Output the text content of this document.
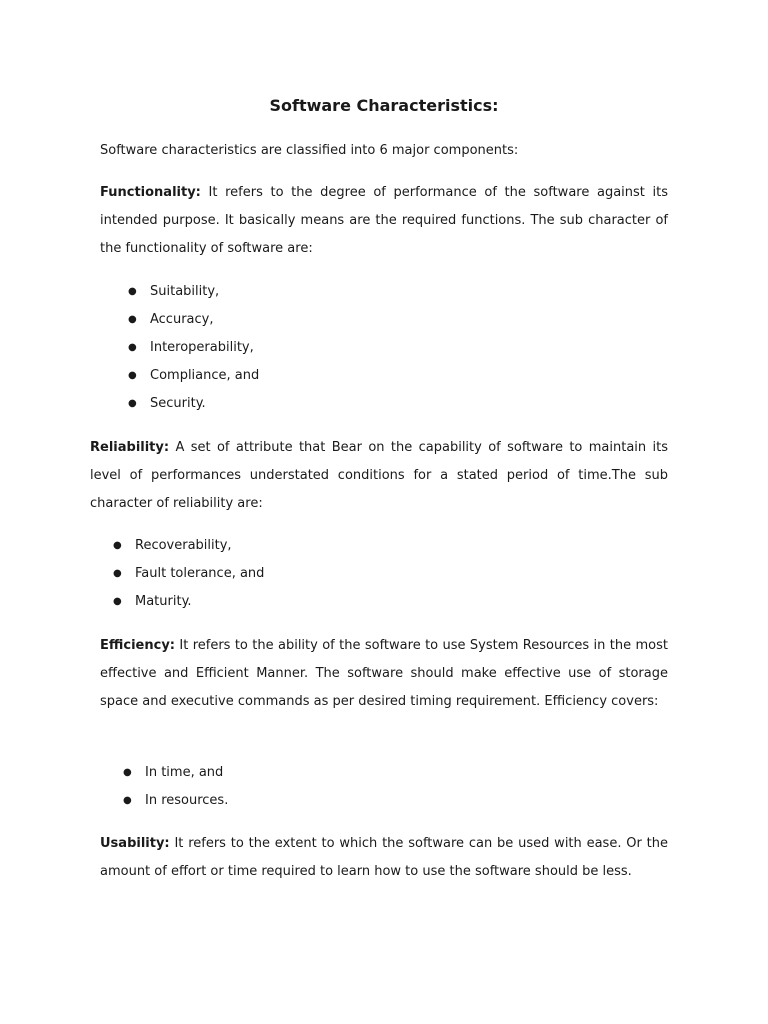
Software Characteristics:

Software characteristics are classified into 6 major components:

Functionality: It refers to the degree of performance of the software against its intended purpose. It basically means are the required functions. The sub character of the functionality of software are:

● Suitability,
● Accuracy,
● Interoperability,
● Compliance, and
● Security.

Reliability: A set of attribute that Bear on the capability of software to maintain its level of performances understated conditions for a stated period of time.The sub character of reliability are:

● Recoverability,
● Fault tolerance, and
● Maturity.

Efficiency: It refers to the ability of the software to use System Resources in the most effective and Efficient Manner. The software should make effective use of storage space and executive commands as per desired timing requirement. Efficiency covers:

● In time, and
● In resources.

Usability: It refers to the extent to which the software can be used with ease. Or the amount of effort or time required to learn how to use the software should be less.
